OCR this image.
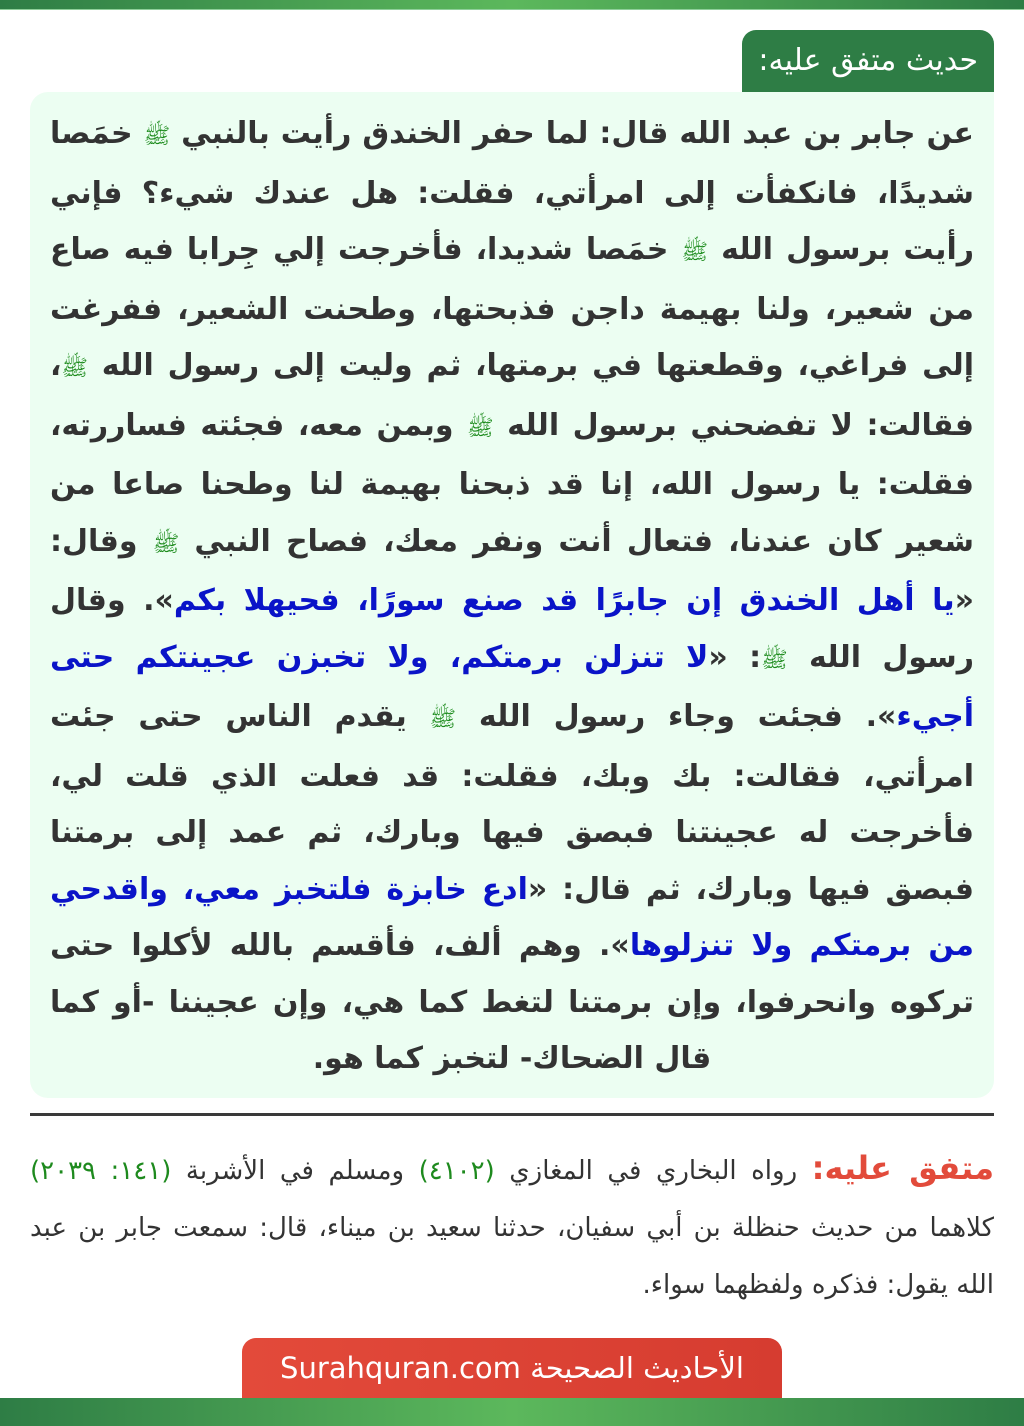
حديث متفق عليه:

عن جابر بن عبد الله قال: لما حفر الخندق رأيت بالنبي ﷺ خمَصا شديدًا، فانكفأت إلى امرأتي، فقلت: هل عندك شيء؟ فإني رأيت برسول الله ﷺ خمَصا شديدا، فأخرجت إلي جِرابا فيه صاع من شعير، ولنا بهيمة داجن فذبحتها، وطحنت الشعير، ففرغت إلى فراغي، وقطعتها في برمتها، ثم وليت إلى رسول الله ﷺ، فقالت: لا تفضحني برسول الله ﷺ وبمن معه، فجئته فساررته، فقلت: يا رسول الله، إنا قد ذبحنا بهيمة لنا وطحنا صاعا من شعير كان عندنا، فتعال أنت ونفر معك، فصاح النبي ﷺ وقال: «يا أهل الخندق إن جابرًا قد صنع سورًا، فحيهلا بكم». وقال رسول الله ﷺ: «لا تنزلن برمتكم، ولا تخبزن عجينتكم حتى أجيء». فجئت وجاء رسول الله ﷺ يقدم الناس حتى جئت امرأتي، فقالت: بك وبك، فقلت: قد فعلت الذي قلت لي، فأخرجت له عجينتنا فبصق فيها وبارك، ثم عمد إلى برمتنا فبصق فيها وبارك، ثم قال: «ادع خابزة فلتخبز معي، واقدحي من برمتكم ولا تنزلوها». وهم ألف، فأقسم بالله لأكلوا حتى تركوه وانحرفوا، وإن برمتنا لتغط كما هي، وإن عجيننا -أو كما قال الضحاك- لتخبز كما هو.

متفق عليه: رواه البخاري في المغازي (٤١٠٢) ومسلم في الأشربة (١٤١: ٢٠٣٩) كلاهما من حديث حنظلة بن أبي سفيان، حدثنا سعيد بن ميناء، قال: سمعت جابر بن عبد الله يقول: فذكره ولفظهما سواء.

الأحاديث الصحيحة Surahquran.com
